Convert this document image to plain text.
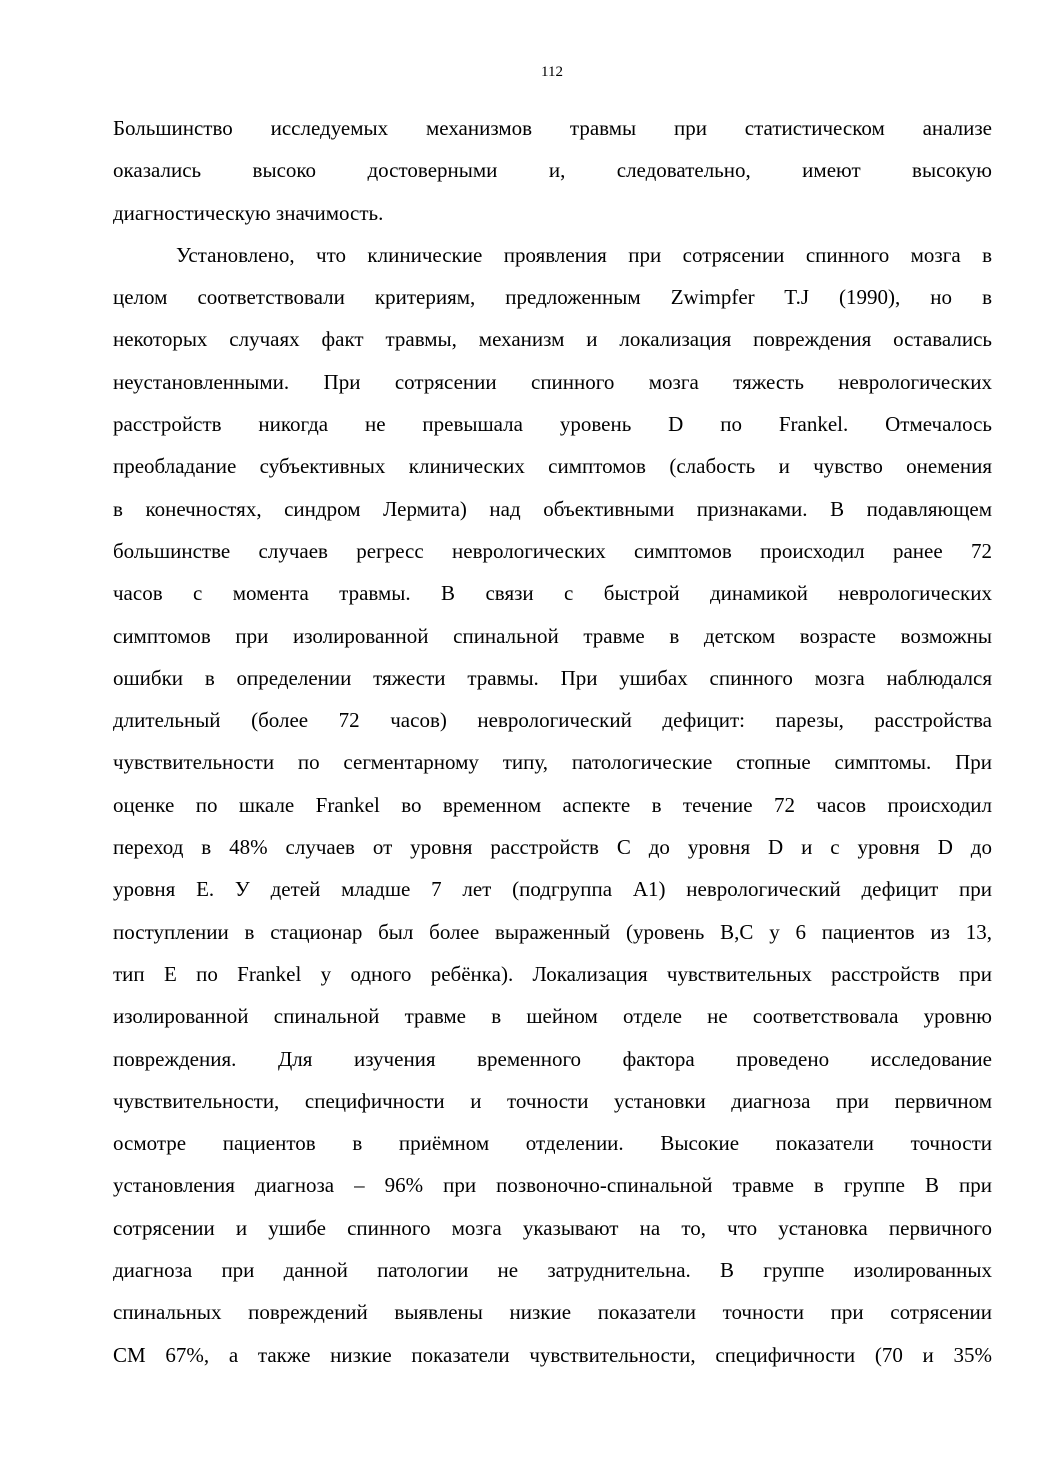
112

Большинство исследуемых механизмов травмы при статистическом анализе
оказались высоко достоверными и, следовательно, имеют высокую
диагностическую значимость.

Установлено, что клинические проявления при сотрясении спинного мозга в
целом соответствовали критериям, предложенным Zwimpfer T.J (1990), но в
некоторых случаях факт травмы, механизм и локализация повреждения оставались
неустановленными. При сотрясении спинного мозга тяжесть неврологических
расстройств никогда не превышала уровень D по Frankel. Отмечалось
преобладание субъективных клинических симптомов (слабость и чувство онемения
в конечностях, синдром Лермита) над объективными признаками. В подавляющем
большинстве случаев регресс неврологических симптомов происходил ранее 72
часов с момента травмы. В связи с быстрой динамикой неврологических
симптомов при изолированной спинальной травме в детском возрасте возможны
ошибки в определении тяжести травмы. При ушибах спинного мозга наблюдался
длительный (более 72 часов) неврологический дефицит: парезы, расстройства
чувствительности по сегментарному типу, патологические стопные симптомы. При
оценке по шкале Frankel во временном аспекте в течение 72 часов происходил
переход в 48% случаев от уровня расстройств С до уровня D и с уровня D до
уровня Е. У детей младше 7 лет (подгруппа А1) неврологический дефицит при
поступлении в стационар был более выраженный (уровень В,С у 6 пациентов из 13,
тип Е по Frankel у одного ребёнка). Локализация чувствительных расстройств при
изолированной спинальной травме в шейном отделе не соответствовала уровню
повреждения. Для изучения временного фактора проведено исследование
чувствительности, специфичности и точности установки диагноза при первичном
осмотре пациентов в приёмном отделении. Высокие показатели точности
установления диагноза – 96% при позвоночно-спинальной травме в группе В при
сотрясении и ушибе спинного мозга указывают на то, что установка первичного
диагноза при данной патологии не затруднительна. В группе изолированных
спинальных повреждений выявлены низкие показатели точности при сотрясении
СМ 67%, а также низкие показатели чувствительности, специфичности (70 и 35%
